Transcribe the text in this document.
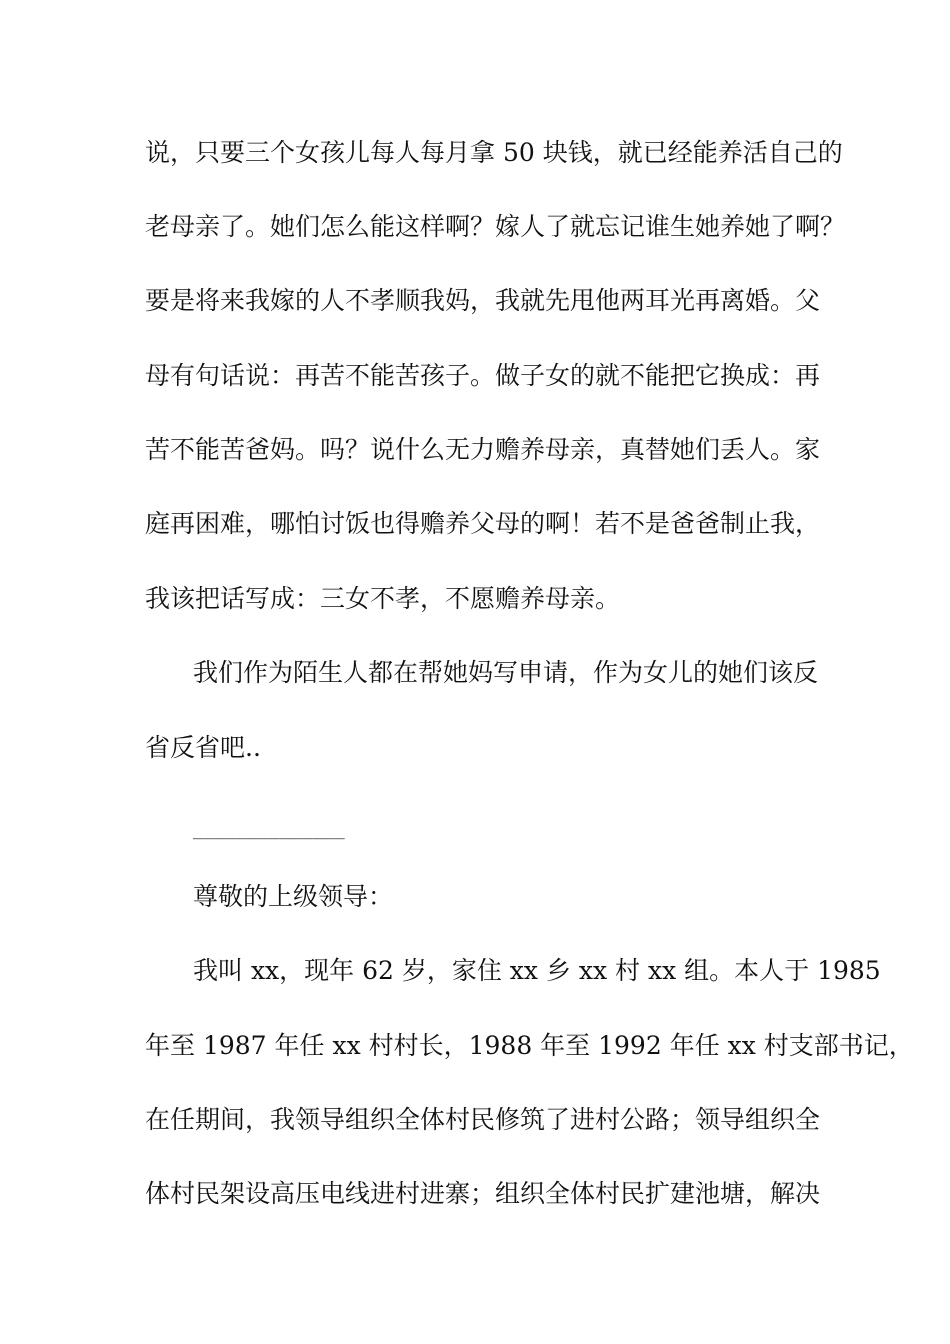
说，只要三个女孩儿每人每月拿 50 块钱，就已经能养活自己的
老母亲了。她们怎么能这样啊？嫁人了就忘记谁生她养她了啊？
要是将来我嫁的人不孝顺我妈，我就先甩他两耳光再离婚。父
母有句话说：再苦不能苦孩子。做子女的就不能把它换成：再
苦不能苦爸妈。吗？说什么无力赡养母亲，真替她们丢人。家
庭再困难，哪怕讨饭也得赡养父母的啊！若不是爸爸制止我，
我该把话写成：三女不孝，不愿赡养母亲。
我们作为陌生人都在帮她妈写申请，作为女儿的她们该反
省反省吧..
______________
尊敬的上级领导：
我叫 xx，现年 62 岁，家住 xx 乡 xx 村 xx 组。本人于 1985
年至 1987 年任 xx 村村长，1988 年至 1992 年任 xx 村支部书记，
在任期间，我领导组织全体村民修筑了进村公路；领导组织全
体村民架设高压电线进村进寨；组织全体村民扩建池塘，解决
